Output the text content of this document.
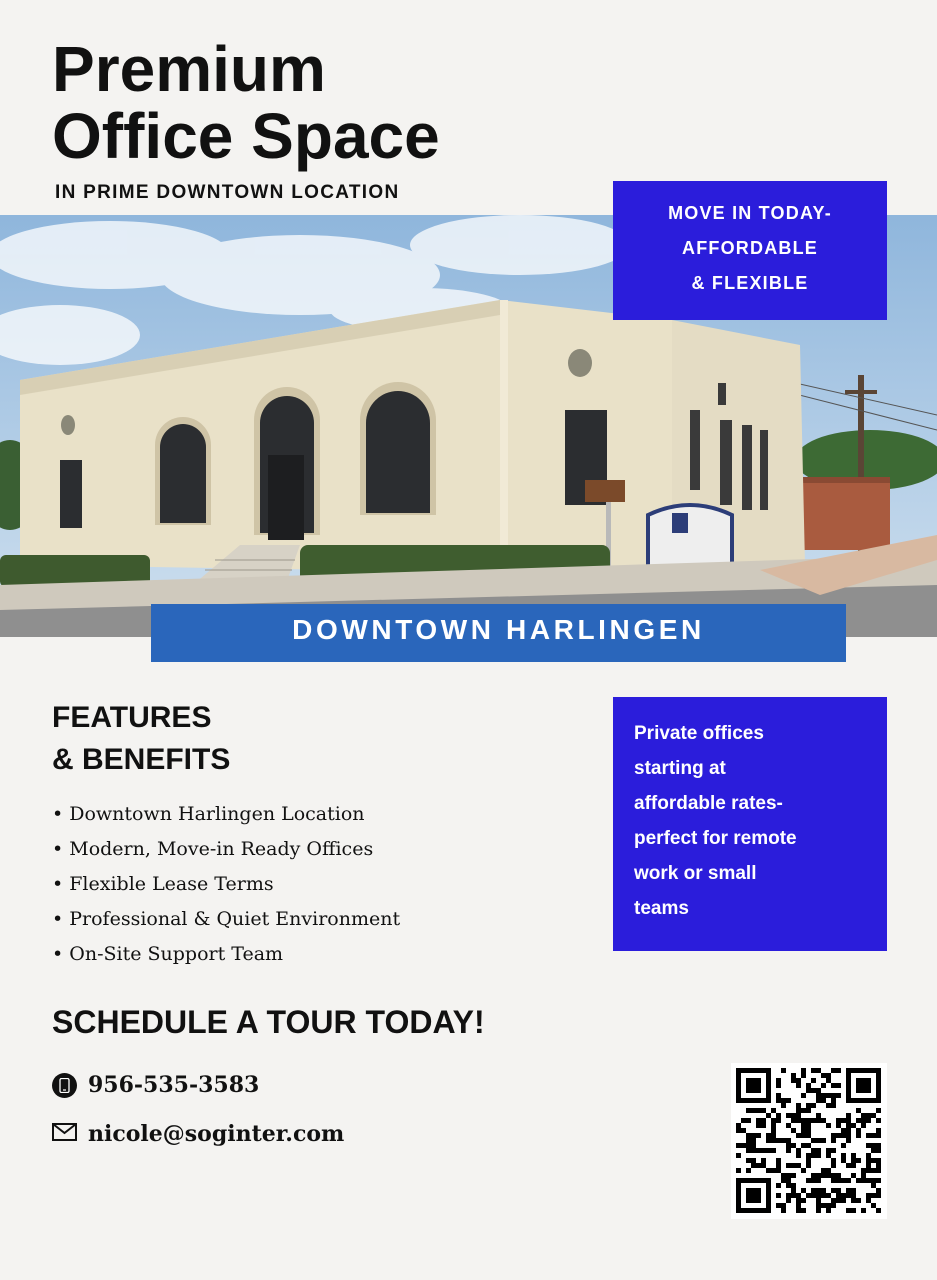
Premium
Office Space
IN PRIME DOWNTOWN LOCATION
MOVE IN TODAY-
AFFORDABLE
& FLEXIBLE
DOWNTOWN HARLINGEN
FEATURES
& BENEFITS
• Downtown Harlingen Location
• Modern, Move-in Ready Offices
• Flexible Lease Terms
• Professional & Quiet Environment
• On-Site Support Team
Private offices
starting at
affordable rates-
perfect for remote
work or small
teams
SCHEDULE A TOUR TODAY!
956-535-3583
nicole@soginter.com
